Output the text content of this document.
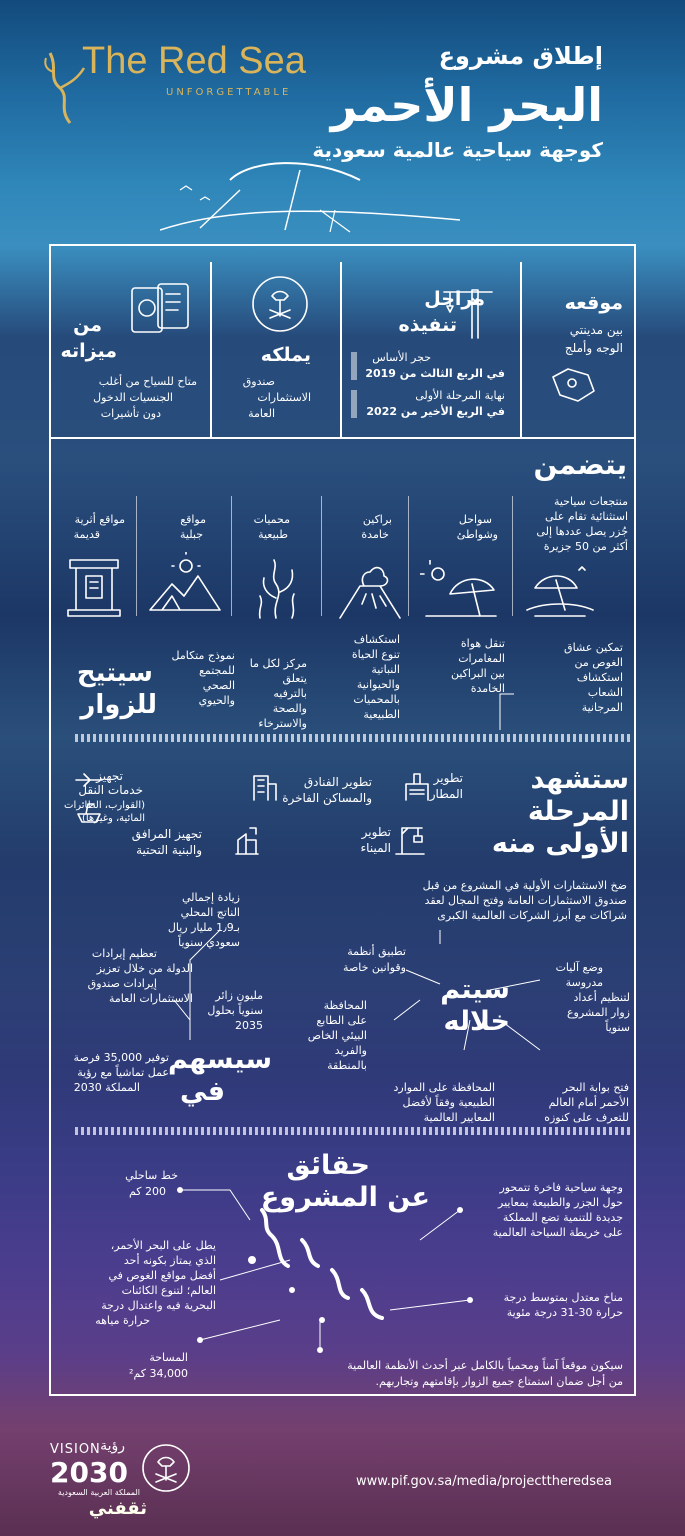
The Red Sea
UNFORGETTABLE
إطلاق مشروع
البحر الأحمر
كوجهة سياحية عالمية سعودية
موقعه
بين مدينتي
الوجه وأملج
مراحل
تنفيذه
حجر الأساس
في الربع الثالث من 2019
نهاية المرحلة الأولى
في الربع الأخير من 2022
يملكه
صندوق
الاستثمارات
العامة
من
ميزاته
متاح للسياح من أغلب
الجنسيات الدخول
دون تأشيرات
يتضمن
منتجعات سياحية
استثنائية تقام على
جُزر يصل عددها إلى
أكثر من 50 جزيرة
سواحل
وشواطئ
براكين
خامدة
محميات
طبيعية
مواقع
جبلية
مواقع أثرية
قديمة
تمكين عشاق
الغوص من
استكشاف
الشعاب
المرجانية
تنقل هواة
المغامرات
بين البراكين
الخامدة
استكشاف
تنوع الحياة
النباتية
والحيوانية
بالمحميات
الطبيعية
مركز لكل ما
يتعلق
بالترفيه
والصحة
والاسترخاء
نموذج متكامل
للمجتمع
الصحي
والحيوي
سيتيح
للزوار
ستشهد
المرحلة
الأولى منه
تطوير
المطار
تطوير الفنادق
والمساكن الفاخرة
تجهيز
خدمات النقل
(القوارب، الطائرات
المائية، وغيرها)
تطوير
الميناء
تجهيز المرافق
والبنية التحتية
ضخ الاستثمارات الأولية في المشروع من قبل
صندوق الاستثمارات العامة وفتح المجال لعقد
شراكات مع أبرز الشركات العالمية الكبرى
تطبيق أنظمة
وقوانين خاصة	وضع آليات
مدروسة
لتنظيم أعداد
زوار المشروع
سنوياً
سيتم
خلاله
المحافظة
على الطابع
البيئي الخاص
والفريد
بالمنطقة
المحافظة على الموارد
الطبيعية وفقاً لأفضل
المعايير العالمية
فتح بوابة البحر
الأحمر أمام العالم
للتعرف على كنوزه
زيادة إجمالي
الناتج المحلي
بـ1٫9 مليار ريال
سعودي سنوياً
تعظيم إيرادات
الدولة من خلال تعزيز
إيرادات صندوق
الاستثمارات العامة مليون زائر
سنوياً بحلول
2035
توفير 35,000 فرصة
عمل تماشياً مع رؤية
المملكة 2030
سيسهم
في
حقائق
عن المشروع
خط ساحلي
200 كم	وجهة سياحية فاخرة تتمحور
حول الجزر والطبيعة بمعايير
جديدة للتنمية تضع المملكة
على خريطة السياحة العالمية
يطل على البحر الأحمر،
الذي يمتاز بكونه أحد
أفضل مواقع الغوص في
العالم؛ لتنوع الكائنات
البحرية فيه واعتدال درجة
حرارة مياهه
مناخ معتدل بمتوسط درجة
حرارة 30-31 درجة مئوية
المساحة
34,000 كم²
سيكون موقعاً آمناً ومحمياً بالكامل عبر أحدث الأنظمة العالمية
من أجل ضمان استمتاع جميع الزوار بإقامتهم وتجاربهم.
VISION رؤية
2030
المملكة العربية السعودية
ثقفني
www.pif.gov.sa/media/projecttheredsea
